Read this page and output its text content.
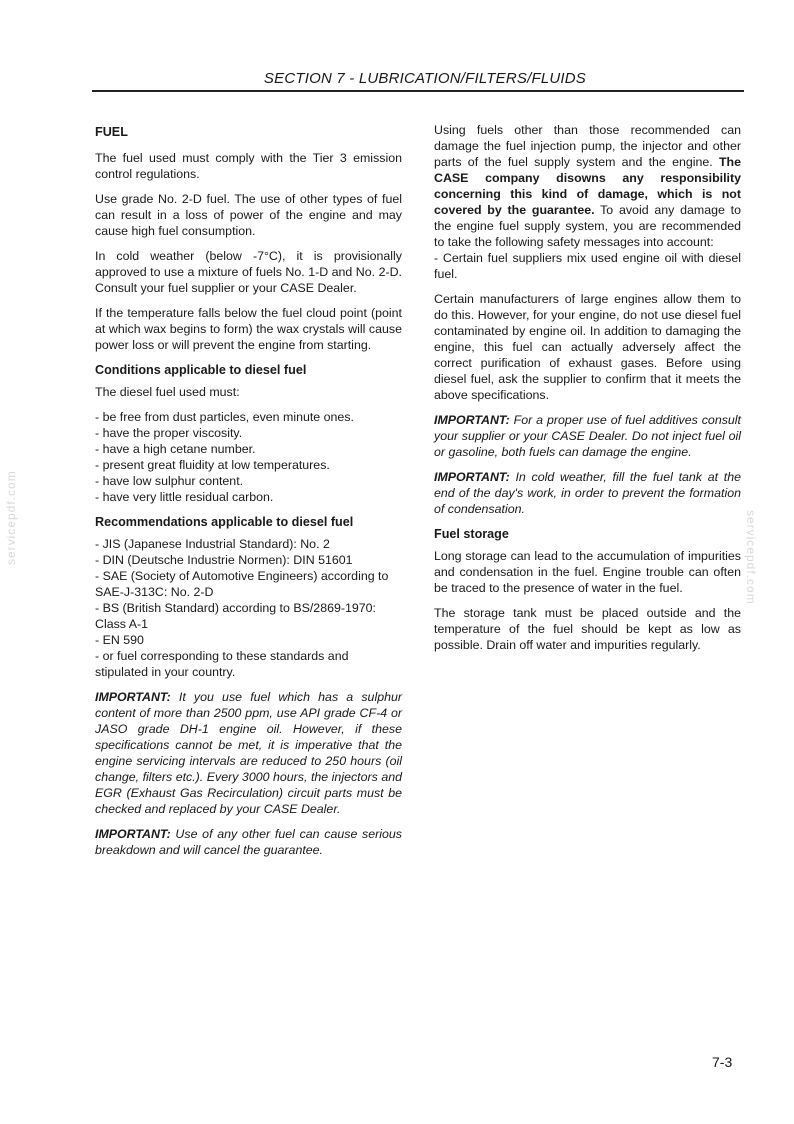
SECTION 7 - LUBRICATION/FILTERS/FLUIDS
FUEL

The fuel used must comply with the Tier 3 emission control regulations.

Use grade No. 2-D fuel. The use of other types of fuel can result in a loss of power of the engine and may cause high fuel consumption.

In cold weather (below -7°C), it is provisionally approved to use a mixture of fuels No. 1-D and No. 2-D. Consult your fuel supplier or your CASE Dealer.

If the temperature falls below the fuel cloud point (point at which wax begins to form) the wax crystals will cause power loss or will prevent the engine from starting.

Conditions applicable to diesel fuel

The diesel fuel used must:

- be free from dust particles, even minute ones.
- have the proper viscosity.
- have a high cetane number.
- present great fluidity at low temperatures.
- have low sulphur content.
- have very little residual carbon.
Recommendations applicable to diesel fuel
- JIS (Japanese Industrial Standard): No. 2
- DIN (Deutsche Industrie Normen): DIN 51601
- SAE (Society of Automotive Engineers) according to SAE-J-313C: No. 2-D
- BS (British Standard) according to BS/2869-1970: Class A-1
- EN 590
- or fuel corresponding to these standards and stipulated in your country.

IMPORTANT: It you use fuel which has a sulphur content of more than 2500 ppm, use API grade CF-4 or JASO grade DH-1 engine oil. However, if these specifications cannot be met, it is imperative that the engine servicing intervals are reduced to 250 hours (oil change, filters etc.). Every 3000 hours, the injectors and EGR (Exhaust Gas Recirculation) circuit parts must be checked and replaced by your CASE Dealer.

IMPORTANT: Use of any other fuel can cause serious breakdown and will cancel the guarantee.

Using fuels other than those recommended can damage the fuel injection pump, the injector and other parts of the fuel supply system and the engine. The CASE company disowns any responsibility concerning this kind of damage, which is not covered by the guarantee. To avoid any damage to the engine fuel supply system, you are recommended to take the following safety messages into account:
- Certain fuel suppliers mix used engine oil with diesel fuel.

Certain manufacturers of large engines allow them to do this. However, for your engine, do not use diesel fuel contaminated by engine oil. In addition to damaging the engine, this fuel can actually adversely affect the correct purification of exhaust gases. Before using diesel fuel, ask the supplier to confirm that it meets the above specifications.

IMPORTANT: For a proper use of fuel additives consult your supplier or your CASE Dealer. Do not inject fuel oil or gasoline, both fuels can damage the engine.

IMPORTANT: In cold weather, fill the fuel tank at the end of the day's work, in order to prevent the formation of condensation.

Fuel storage

Long storage can lead to the accumulation of impurities and condensation in the fuel. Engine trouble can often be traced to the presence of water in the fuel.

The storage tank must be placed outside and the temperature of the fuel should be kept as low as possible. Drain off water and impurities regularly.

servicepdf.com	servicepdf.com
7-3
